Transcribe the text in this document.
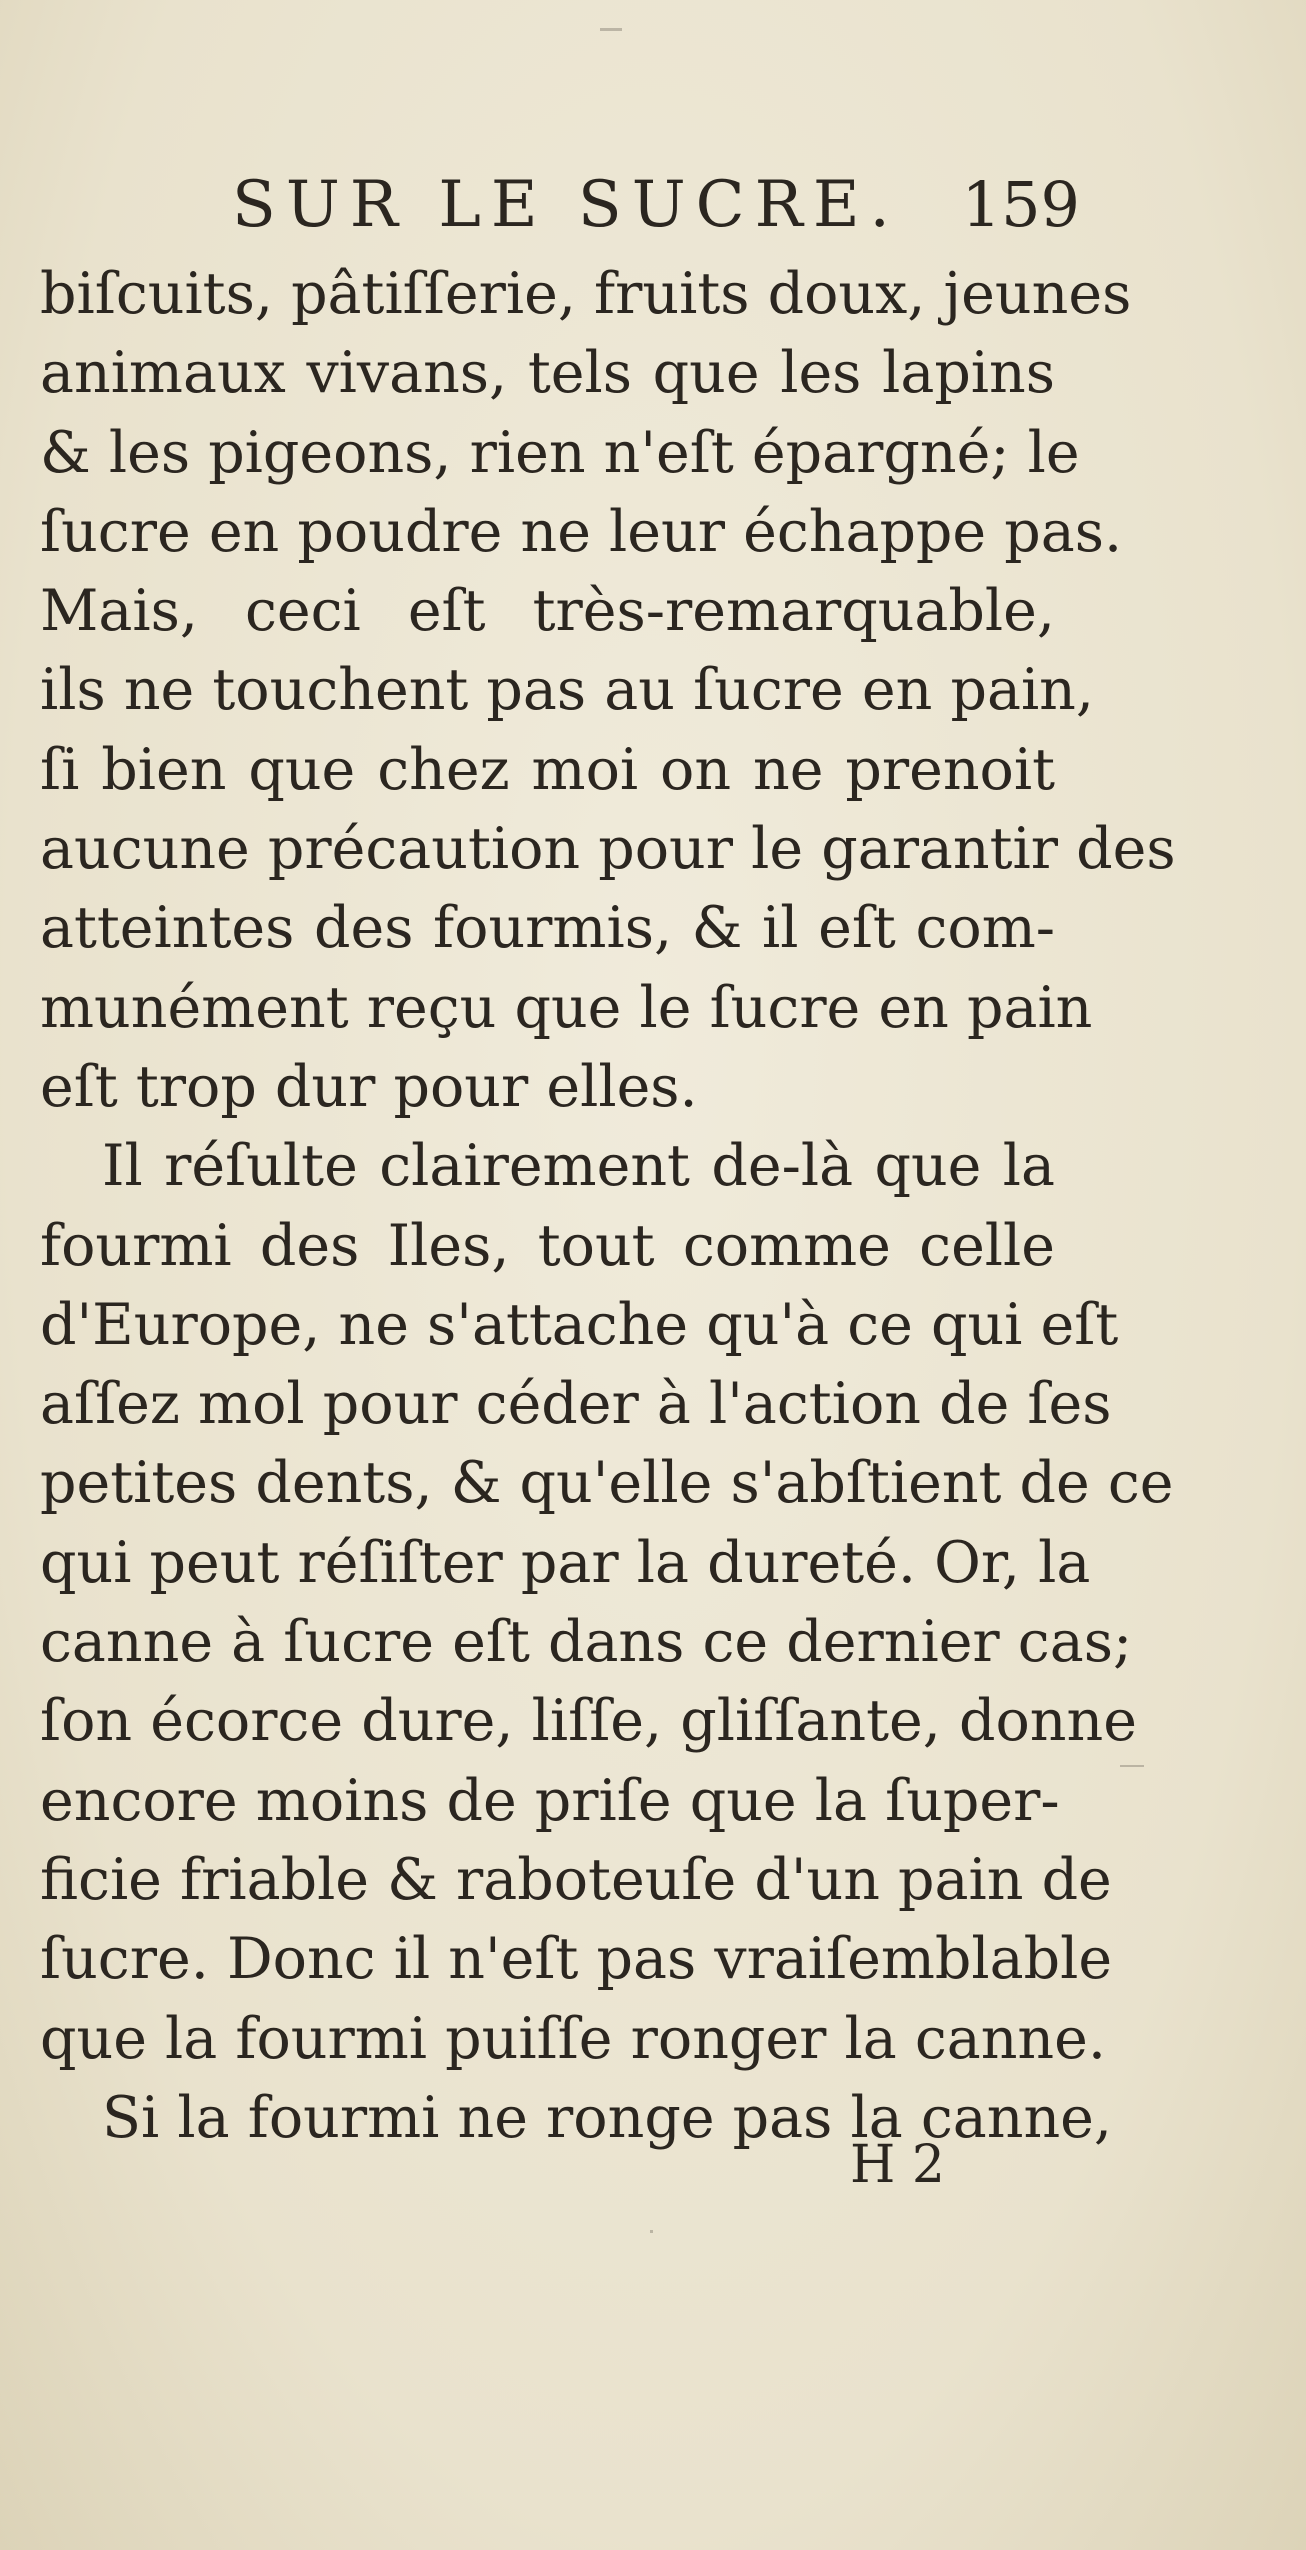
SUR LE SUCRE. 159
biſcuits, pâtiſſerie, fruits doux, jeunes
animaux vivans, tels que les lapins
& les pigeons, rien n'eſt épargné; le
ſucre en poudre ne leur échappe pas.
Mais, ceci eſt très-remarquable,
ils ne touchent pas au ſucre en pain,
ſi bien que chez moi on ne prenoit
aucune précaution pour le garantir des
atteintes des fourmis, & il eſt com-
munément reçu que le ſucre en pain
eſt trop dur pour elles.
Il réſulte clairement de-là que la
fourmi des Iles, tout comme celle
d'Europe, ne s'attache qu'à ce qui eſt
aſſez mol pour céder à l'action de ſes
petites dents, & qu'elle s'abſtient de ce
qui peut réſiſter par la dureté. Or, la
canne à ſucre eſt dans ce dernier cas;
ſon écorce dure, liſſe, gliſſante, donne
encore moins de priſe que la ſuper-
ficie friable & raboteuſe d'un pain de
ſucre. Donc il n'eſt pas vraiſemblable
que la fourmi puiſſe ronger la canne.
Si la fourmi ne ronge pas la canne,
H 2
